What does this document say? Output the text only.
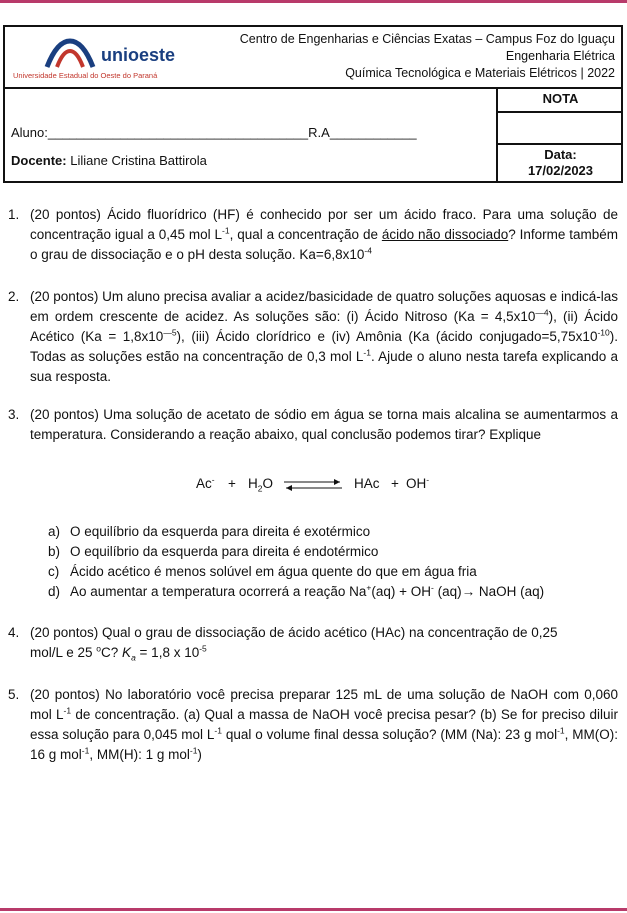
unioeste
Universidade Estadual do Oeste do Paraná
Centro de Engenharias e Ciências Exatas – Campus Foz do Iguaçu
Engenharia Elétrica
Química Tecnológica e Materiais Elétricos | 2022
Aluno:____________________________________R.A____________
Docente: Liliane Cristina Battirola
NOTA
Data:
17/02/2023
1. (20 pontos) Ácido fluorídrico (HF) é conhecido por ser um ácido fraco. Para uma solução de concentração igual a 0,45 mol $L^{-1}$, qual a concentração de ácido não dissociado? Informe também o grau de dissociação e o pH desta solução. $Ka=6,8x10^{-4}$
2. (20 pontos) Um aluno precisa avaliar a acidez/basicidade de quatro soluções aquosas e indicá-las em ordem crescente de acidez. As soluções são: (i) Ácido Nitroso $(Ka = 4,5x10^{—4})$, (ii) Ácido Acético $(Ka = 1,8x10^{—5})$, (iii) Ácido clorídrico e (iv) Amônia (Ka (ácido $conjugado=5,75x10^{-10}$). Todas as soluções estão na concentração de 0,3 mol $L^{-1}$. Ajude o aluno nesta tarefa explicando a sua resposta.
3. (20 pontos) Uma solução de acetato de sódio em água se torna mais alcalina se aumentarmos a temperatura. Considerando a reação abaixo, qual conclusão podemos tirar? Explique
$Ac^- + H_2O$	HAc + OH-
a) O equilíbrio da esquerda para direita é exotérmico
b) O equilíbrio da esquerda para direita é endotérmico
c) Ácido acético é menos solúvel em água quente do que em água fria
d) Ao aumentar a temperatura ocorrerá a reação Na+(aq) + OH- (aq)→ NaOH (aq)
4. (20 pontos) Qual o grau de dissociação de ácido acético (HAc) na concentração de 0,25 mol/L e 25 $^o$C? $K_a = 1,8$ x $10^{-5}$
5. (20 pontos) No laboratório você precisa preparar 125 mL de uma solução de NaOH com 0,060 mol $L^{-1}$ de concentração. (a) Qual a massa de NaOH você precisa pesar? (b) Se for preciso diluir essa solução para 0,045 mol $L^{-1}$ qual o volume final dessa solução? (MM (Na): 23 g mol$^{-1}$, MM(O): 16 g mol$^{-1}$, MM(H): 1 g mol$^{-1}$)
